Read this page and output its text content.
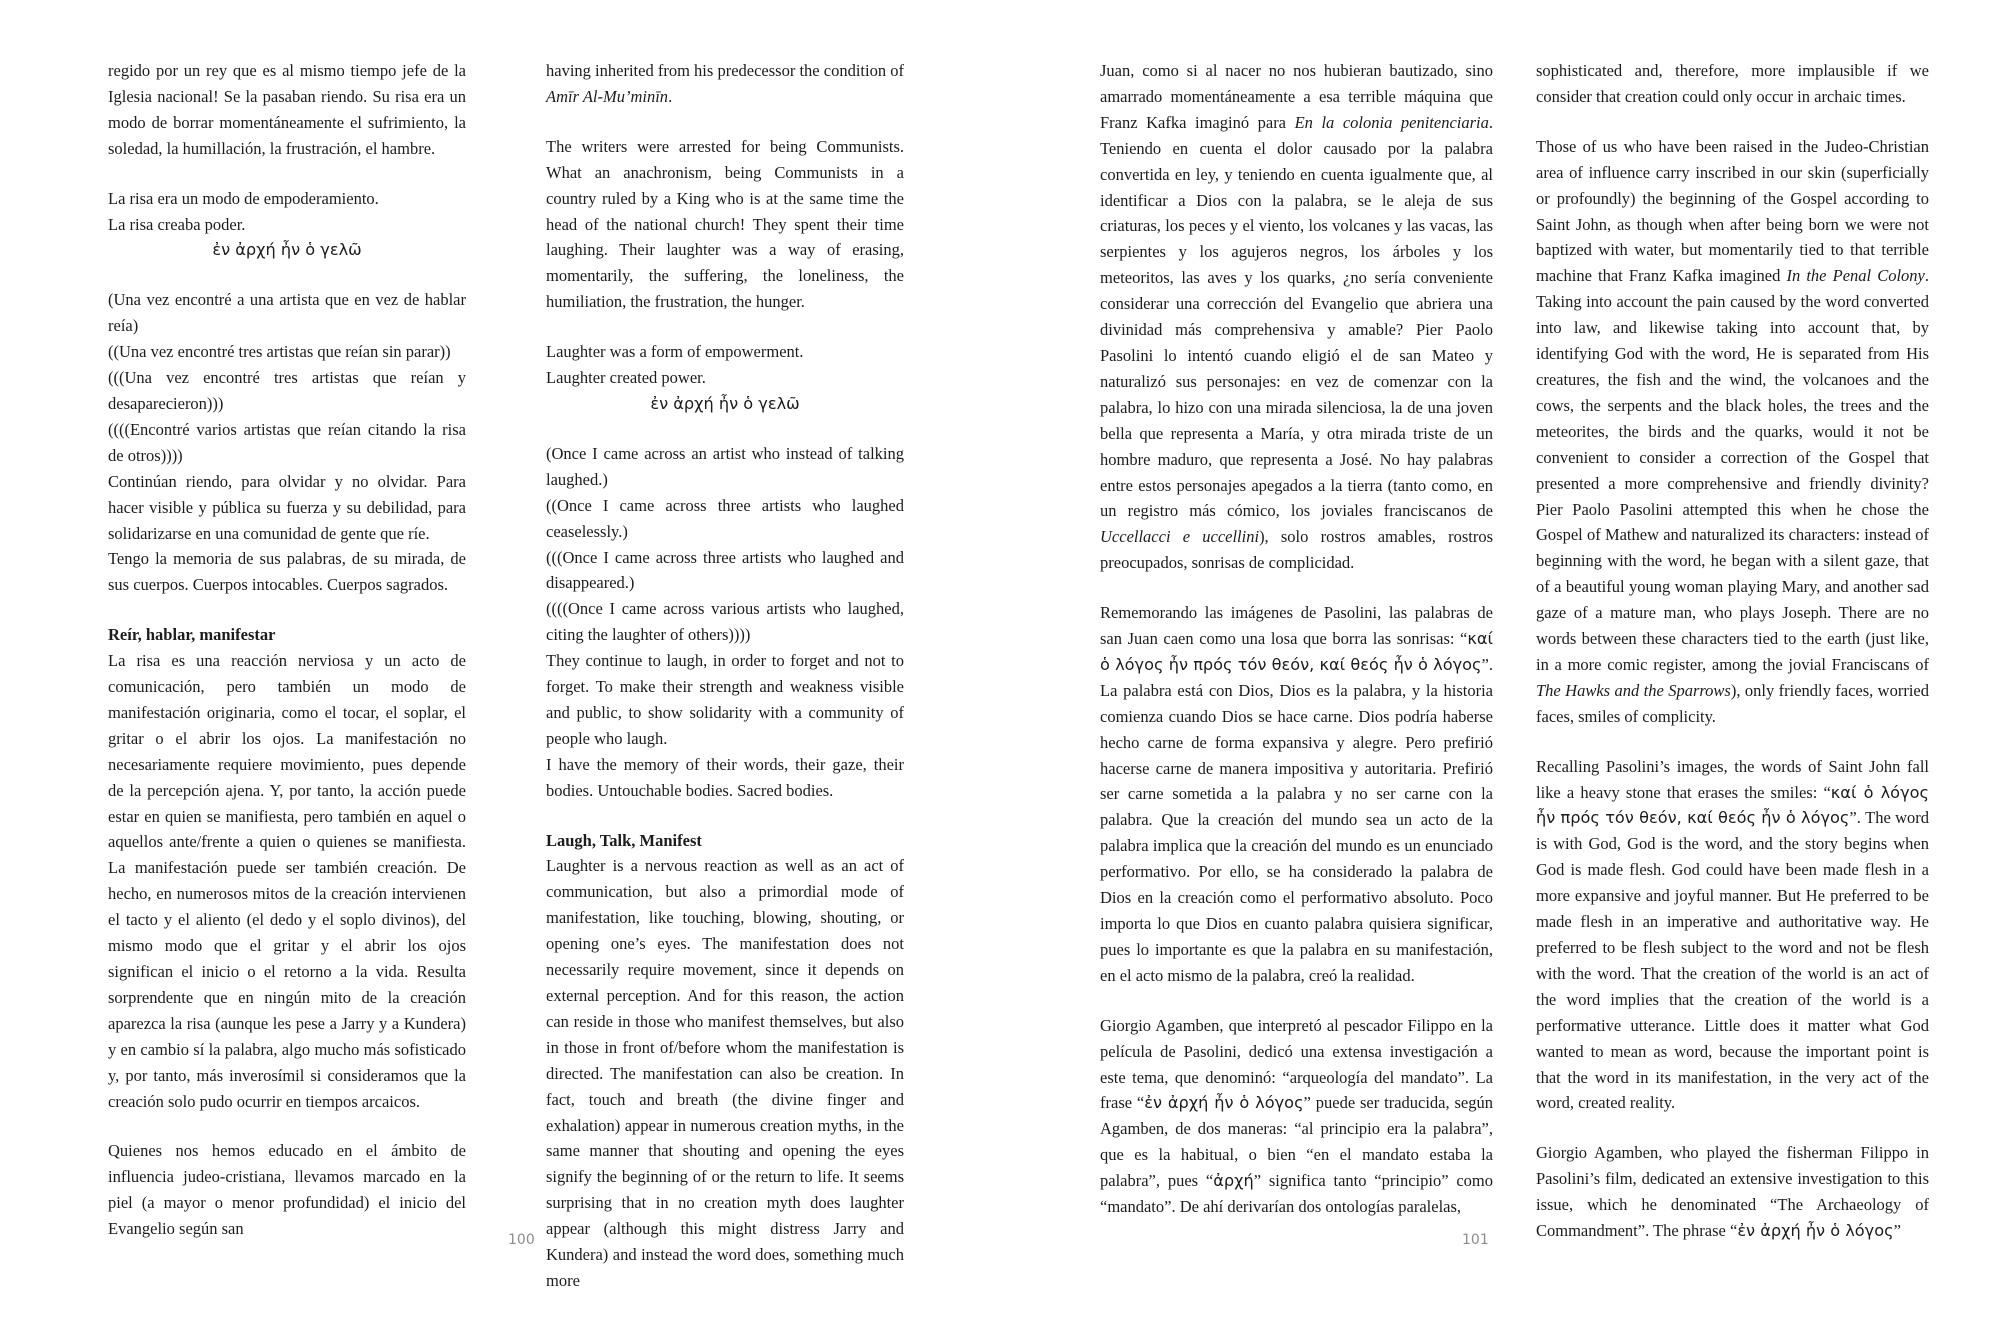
regido por un rey que es al mismo tiempo jefe de la Iglesia nacional! Se la pasaban riendo. Su risa era un modo de borrar momentáneamente el sufrimiento, la soledad, la humillación, la frustración, el hambre.

La risa era un modo de empoderamiento.

La risa creaba poder.

ἐν ἀρχή ἦν ὁ γελῶ

(Una vez encontré a una artista que en vez de hablar reía)

((Una vez encontré tres artistas que reían sin parar))

(((Una vez encontré tres artistas que reían y desaparecieron)))

((((Encontré varios artistas que reían citando la risa de otros))))

Continúan riendo, para olvidar y no olvidar. Para hacer visible y pública su fuerza y su debilidad, para solidarizarse en una comunidad de gente que ríe.

Tengo la memoria de sus palabras, de su mirada, de sus cuerpos. Cuerpos intocables. Cuerpos sagrados.

Reír, hablar, manifestar

La risa es una reacción nerviosa y un acto de comunicación, pero también un modo de manifestación originaria, como el tocar, el soplar, el gritar o el abrir los ojos. La manifestación no necesariamente requiere movimiento, pues depende de la percepción ajena. Y, por tanto, la acción puede estar en quien se manifiesta, pero también en aquel o aquellos ante/frente a quien o quienes se manifiesta. La manifestación puede ser también creación. De hecho, en numerosos mitos de la creación intervienen el tacto y el aliento (el dedo y el soplo divinos), del mismo modo que el gritar y el abrir los ojos significan el inicio o el retorno a la vida. Resulta sorprendente que en ningún mito de la creación aparezca la risa (aunque les pese a Jarry y a Kundera) y en cambio sí la palabra, algo mucho más sofisticado y, por tanto, más inverosímil si consideramos que la creación solo pudo ocurrir en tiempos arcaicos.

Quienes nos hemos educado en el ámbito de influencia judeo-cristiana, llevamos marcado en la piel (a mayor o menor profundidad) el inicio del Evangelio según san

having inherited from his predecessor the condition of Amīr Al-Mu’minīn.

The writers were arrested for being Communists. What an anachronism, being Communists in a country ruled by a King who is at the same time the head of the national church! They spent their time laughing. Their laughter was a way of erasing, momentarily, the suffering, the loneliness, the humiliation, the frustration, the hunger.

Laughter was a form of empowerment.

Laughter created power.

ἐν ἀρχή ἦν ὁ γελῶ

(Once I came across an artist who instead of talking laughed.)

((Once I came across three artists who laughed ceaselessly.)

(((Once I came across three artists who laughed and disappeared.)

((((Once I came across various artists who laughed, citing the laughter of others))))

They continue to laugh, in order to forget and not to forget. To make their strength and weakness visible and public, to show solidarity with a community of people who laugh.

I have the memory of their words, their gaze, their bodies. Untouchable bodies. Sacred bodies.

Laugh, Talk, Manifest

Laughter is a nervous reaction as well as an act of communication, but also a primordial mode of manifestation, like touching, blowing, shouting, or opening one’s eyes. The manifestation does not necessarily require movement, since it depends on external perception. And for this reason, the action can reside in those who manifest themselves, but also in those in front of/before whom the manifestation is directed. The manifestation can also be creation. In fact, touch and breath (the divine finger and exhalation) appear in numerous creation myths, in the same manner that shouting and opening the eyes signify the beginning of or the return to life. It seems surprising that in no creation myth does laughter appear (although this might distress Jarry and Kundera) and instead the word does, something much more

Juan, como si al nacer no nos hubieran bautizado, sino amarrado momentáneamente a esa terrible máquina que Franz Kafka imaginó para En la colonia penitenciaria. Teniendo en cuenta el dolor causado por la palabra convertida en ley, y teniendo en cuenta igualmente que, al identificar a Dios con la palabra, se le aleja de sus criaturas, los peces y el viento, los volcanes y las vacas, las serpientes y los agujeros negros, los árboles y los meteoritos, las aves y los quarks, ¿no sería conveniente considerar una corrección del Evangelio que abriera una divinidad más comprehensiva y amable? Pier Paolo Pasolini lo intentó cuando eligió el de san Mateo y naturalizó sus personajes: en vez de comenzar con la palabra, lo hizo con una mirada silenciosa, la de una joven bella que representa a María, y otra mirada triste de un hombre maduro, que representa a José. No hay palabras entre estos personajes apegados a la tierra (tanto como, en un registro más cómico, los joviales franciscanos de Uccellacci e uccellini), solo rostros amables, rostros preocupados, sonrisas de complicidad.

Rememorando las imágenes de Pasolini, las palabras de san Juan caen como una losa que borra las sonrisas: “καί ὁ λόγος ἦν πρός τόν θεόν, καί θεός ἦν ὁ λόγος”. La palabra está con Dios, Dios es la palabra, y la historia comienza cuando Dios se hace carne. Dios podría haberse hecho carne de forma expansiva y alegre. Pero prefirió hacerse carne de manera impositiva y autoritaria. Prefirió ser carne sometida a la palabra y no ser carne con la palabra. Que la creación del mundo sea un acto de la palabra implica que la creación del mundo es un enunciado performativo. Por ello, se ha considerado la palabra de Dios en la creación como el performativo absoluto. Poco importa lo que Dios en cuanto palabra quisiera significar, pues lo importante es que la palabra en su manifestación, en el acto mismo de la palabra, creó la realidad.

Giorgio Agamben, que interpretó al pescador Filippo en la película de Pasolini, dedicó una extensa investigación a este tema, que denominó: “arqueología del mandato”. La frase “ἐν ἀρχή ἦν ὁ λόγος” puede ser traducida, según Agamben, de dos maneras: “al principio era la palabra”, que es la habitual, o bien “en el mandato estaba la palabra”, pues “ἀρχή” significa tanto “principio” como “mandato”. De ahí derivarían dos ontologías paralelas,

sophisticated and, therefore, more implausible if we consider that creation could only occur in archaic times.

Those of us who have been raised in the Judeo-Christian area of influence carry inscribed in our skin (superficially or profoundly) the beginning of the Gospel according to Saint John, as though when after being born we were not baptized with water, but momentarily tied to that terrible machine that Franz Kafka imagined In the Penal Colony. Taking into account the pain caused by the word converted into law, and likewise taking into account that, by identifying God with the word, He is separated from His creatures, the fish and the wind, the volcanoes and the cows, the serpents and the black holes, the trees and the meteorites, the birds and the quarks, would it not be convenient to consider a correction of the Gospel that presented a more comprehensive and friendly divinity? Pier Paolo Pasolini attempted this when he chose the Gospel of Mathew and naturalized its characters: instead of beginning with the word, he began with a silent gaze, that of a beautiful young woman playing Mary, and another sad gaze of a mature man, who plays Joseph. There are no words between these characters tied to the earth (just like, in a more comic register, among the jovial Franciscans of The Hawks and the Sparrows), only friendly faces, worried faces, smiles of complicity.

Recalling Pasolini’s images, the words of Saint John fall like a heavy stone that erases the smiles: “καί ὁ λόγος ἦν πρός τόν θεόν, καί θεός ἦν ὁ λόγος”. The word is with God, God is the word, and the story begins when God is made flesh. God could have been made flesh in a more expansive and joyful manner. But He preferred to be made flesh in an imperative and authoritative way. He preferred to be flesh subject to the word and not be flesh with the word. That the creation of the world is an act of the word implies that the creation of the world is a performative utterance. Little does it matter what God wanted to mean as word, because the important point is that the word in its manifestation, in the very act of the word, created reality.

Giorgio Agamben, who played the fisherman Filippo in Pasolini’s film, dedicated an extensive investigation to this issue, which he denominated “The Archaeology of Commandment”. The phrase “ἐν ἀρχή ἦν ὁ λόγος”

100	101
